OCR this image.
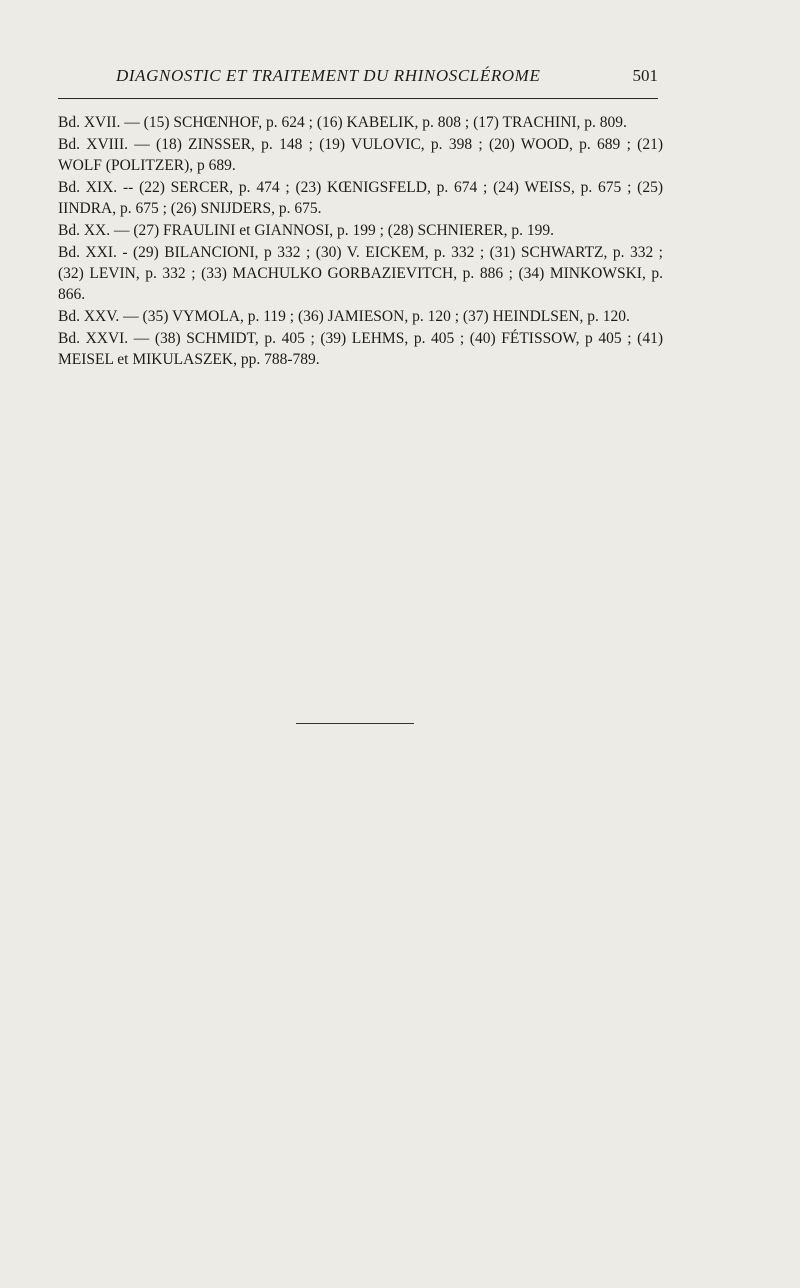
DIAGNOSTIC ET TRAITEMENT DU RHINOSCLÉROME	501

Bd. XVII. — (15) SCHŒNHOF, p. 624 ; (16) KABELIK, p. 808 ; (17) TRACHINI, p. 809.

Bd. XVIII. — (18) ZINSSER, p. 148 ; (19) VULOVIC, p. 398 ; (20) WOOD, p. 689 ; (21) WOLF (POLITZER), p 689.

Bd. XIX. -- (22) SERCER, p. 474 ; (23) KŒNIGSFELD, p. 674 ; (24) WEISS, p. 675 ; (25) IINDRA, p. 675 ; (26) SNIJDERS, p. 675.

Bd. XX. — (27) FRAULINI et GIANNOSI, p. 199 ; (28) SCHNIERER, p. 199.

Bd. XXI. - (29) BILANCIONI, p 332 ; (30) V. EICKEM, p. 332 ; (31) SCHWARTZ, p. 332 ; (32) LEVIN, p. 332 ; (33) MACHULKO GORBAZIEVITCH, p. 886 ; (34) MINKOWSKI, p. 866.

Bd. XXV. — (35) VYMOLA, p. 119 ; (36) JAMIESON, p. 120 ; (37) HEINDLSEN, p. 120.

Bd. XXVI. — (38) SCHMIDT, p. 405 ; (39) LEHMS, p. 405 ; (40) FÉTISSOW, p 405 ; (41) MEISEL et MIKULASZEK, pp. 788-789.
